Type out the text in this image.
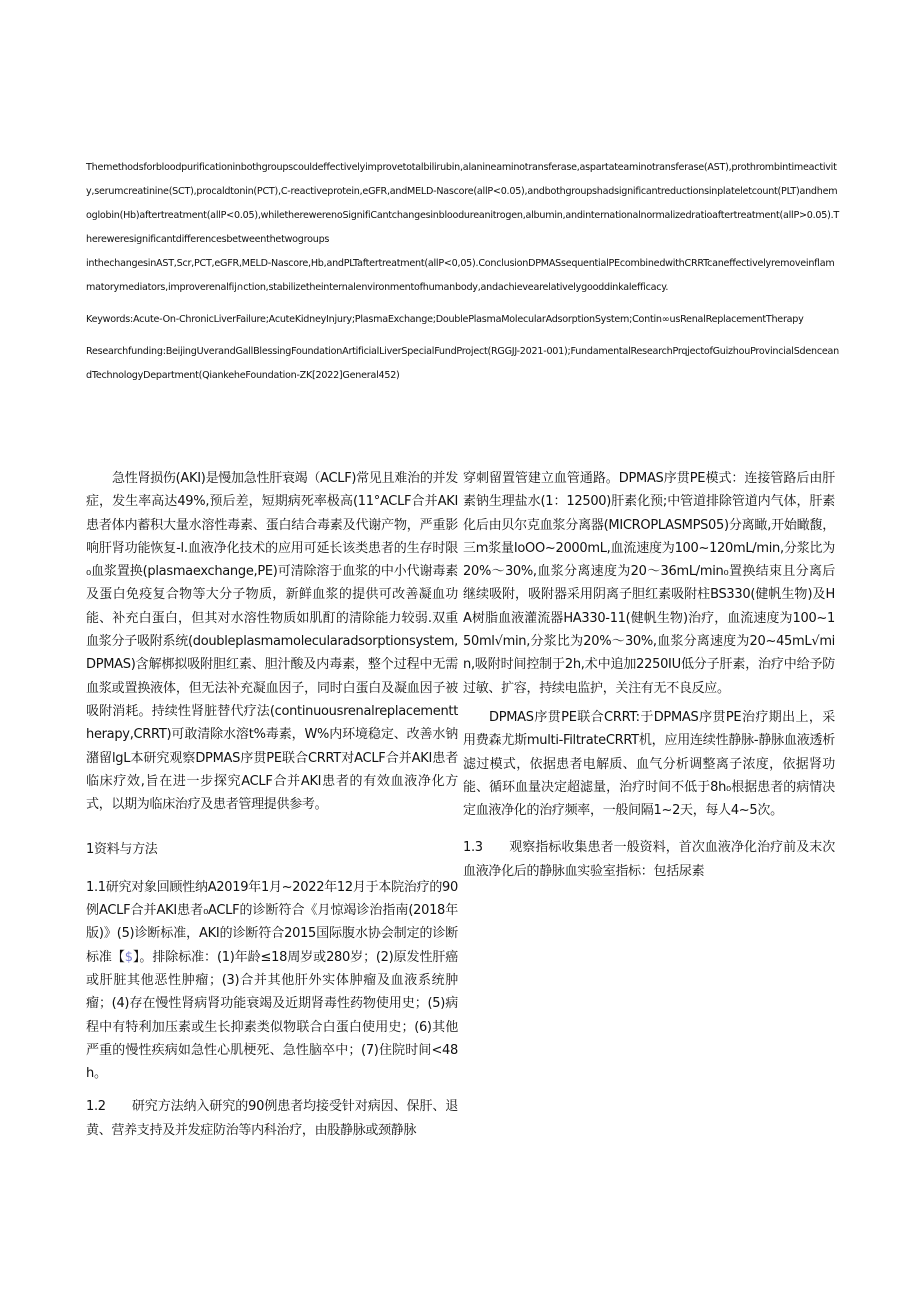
Themethodsforbloodpurificationinbothgroupscouldeffectivelyimprovetotalbilirubin,alanineaminotransferase,aspartateaminotransferase(AST),prothrombintimeactivity,serumcreatinine(SCT),procaldtonin(PCT),C-reactiveprotein,eGFR,andMELD-Nascore(allP<0.05),andbothgroupshadsignificantreductionsinplateletcount(PLT)andhemoglobin(Hb)aftertreatment(allP<0.05),whiletherewerenoSignifiCantchangesinbloodureanitrogen,albumin,andinternationalnormalizedratioaftertreatment(allP>0.05).Thereweresignificantdifferencesbetweenthetwogroups

inthechangesinAST,Scr,PCT,eGFR,MELD-Nascore,Hb,andPLTaftertreatment(allP<0,05).ConclusionDPMASsequentialPEcombinedwithCRRTcaneffectivelyremoveinflammatorymediators,improverenalfij∩ction,stabilizetheinternalenvironmentofhumanbody,andachievearelativelygooddinkalefficacy.

Keywords:Acute-On-ChronicLiverFailure;AcuteKidneyInjury;PlasmaExchange;DoublePlasmaMolecularAdsorptionSystem;Contin∞usRenalReplacementTherapy

Researchfunding:BeijingUverandGallBlessingFoundationArtificialLiverSpecialFundProject(RGGJJ-2021-001);FundamentalResearchPrqjectofGuizhouProvincialSdenceandTechnologyDepartment(QiankeheFoundation-ZK[2022]General452)

急性肾损伤(AKI)是慢加急性肝衰竭（ACLF)常见且难治的并发症，发生率高达49%,预后差，短期病死率极高(11°ACLF合并AKI患者体内蓄积大量水溶性毒素、蛋白结合毒素及代谢产物，严重影响肝肾功能恢复-l.血液净化技术的应用可延长该类患者的生存时限₀血浆置换(plasmaexchange,PE)可清除溶于血浆的中小代谢毒素及蛋白免疫复合物等大分子物质，新鲜血浆的提供可改善凝血功能、补充白蛋白，但其对水溶性物质如肌酊的清除能力较弱.双重血浆分子吸附系统(doubleplasmamolecularadsorptionsystem,DPMAS)含解梆拟吸附胆红素、胆汁酸及内毒素，整个过程中无需血浆或置换液体，但无法补充凝血因子，同时白蛋白及凝血因子被吸附消耗。持续性肾脏替代疗法(continuousrenalreplacementtherapy,CRRT)可敢清除水溶t%毒素，W%内环境稳定、改善水钠潴留lgL本研究观察DPMAS序贯PE联合CRRT对ACLF合并AKI患者临床疗效,旨在进一步探究ACLF合并AKI患者的有效血液净化方式，以期为临床治疗及患者管理提供参考。

1资料与方法

1.1研究对象回顾性纳A2019年1月~2022年12月于本院治疗的90例ACLF合并AKI患者₀ACLF的诊断符合《月惊竭诊治指南(2018年版)》(5)诊断标准，AKI的诊断符合2015国际腹水协会制定的诊断标准【$】。排除标准：(1)年龄≤18周岁或280岁；(2)原发性肝癌或肝脏其他恶性肿瘤；(3)合并其他肝外实体肿瘤及血液系统肿瘤；(4)存在慢性肾病肾功能衰竭及近期肾毒性药物使用史；(5)病程中有特利加压素或生长抑素类似物联合白蛋白使用史；(6)其他严重的慢性疾病如急性心肌梗死、急性脑卒中；(7)住院时间<48h。

1.2　　研究方法纳入研究的90例患者均接受针对病因、保肝、退黄、营养支持及并发症防治等内科治疗，由股静脉或颈静脉

穿刺留置管建立血管通路。DPMAS序贯PE模式：连接管路后由肝素钠生理盐水(1：12500)肝素化预;中管道排除管道内气体，肝素化后由贝尔克血浆分离器(MICROPLASMPS05)分离瞰,开始瞰馥，三m浆量IoOO~2000mL,血流速度为100~120mL/min,分浆比为20%～30%,血浆分离速度为20～36mL/min₀置换结束且分离后继续吸附，吸附器采用阴离子胆红素吸附柱BS330(健帆生物)及HA树脂血液灌流器HA330-11(健帆生物)治疗，血流速度为100~150ml√min,分浆比为20%～30%,血浆分离速度为20~45mL√min,吸附时间控制于2h,术中追加2250IU低分子肝素，治疗中给予防过敏、扩容，持续电监护，关注有无不良反应。

DPMAS序贯PE联合CRRT:于DPMAS序贯PE治疗期出上，采用费森尤斯multi-FiltrateCRRT机，应用连续性静脉-静脉血液透析滤过模式，依据患者电解质、血气分析调整离子浓度，依据肾功能、循环血量决定超滤量，治疗时间不低于8h₀根据患者的病情决定血液净化的治疗频率，一般间隔1~2天，每人4~5次。

1.3　　观察指标收集患者一般资料，首次血液净化治疗前及末次血液净化后的静脉血实验室指标：包括尿素
